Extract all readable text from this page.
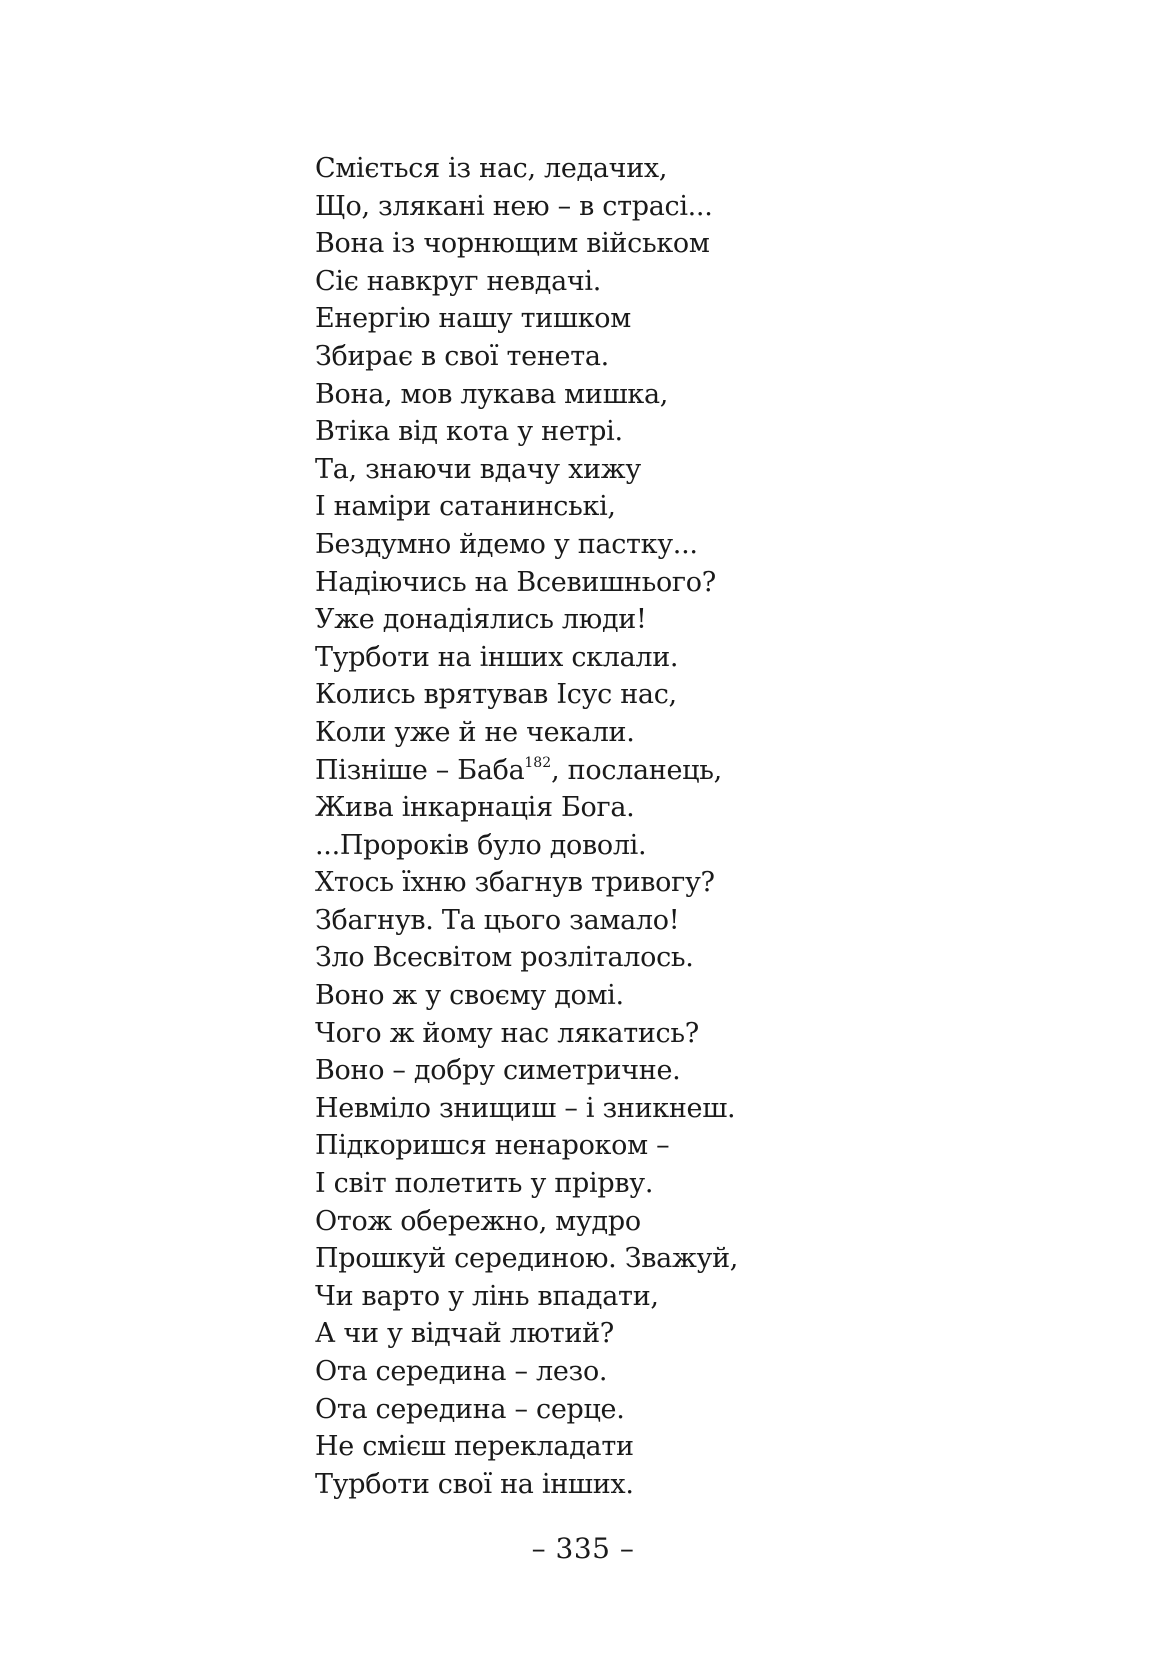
Сміється із нас, ледачих,
Що, злякані нею – в страсі...
Вона із чорнющим військом
Сіє навкруг невдачі.
Енергію нашу тишком
Збирає в свої тенета.
Вона, мов лукава мишка,
Втіка від кота у нетрі.
Та, знаючи вдачу хижу
І наміри сатанинські,
Бездумно йдемо у пастку...
Надіючись на Всевишнього?
Уже донадіялись люди!
Турботи на інших склали.
Колись врятував Ісус нас,
Коли уже й не чекали.
Пізніше – Баба$^{182}$, посланець,
Жива інкарнація Бога.
...Пророків було доволі.
Хтось їхню збагнув тривогу?
Збагнув. Та цього замало!
Зло Всесвітом розліталось.
Воно ж у своєму домі.
Чого ж йому нас лякатись?
Воно – добру симетричне.
Невміло знищиш – і зникнеш.
Підкоришся ненароком –
І світ полетить у прірву.
Отож обережно, мудро
Прошкуй серединою. Зважуй,
Чи варто у лінь впадати,
А чи у відчай лютий?
Ота середина – лезо.
Ота середина – серце.
Не смієш перекладати
Турботи свої на інших.
– 335 –
